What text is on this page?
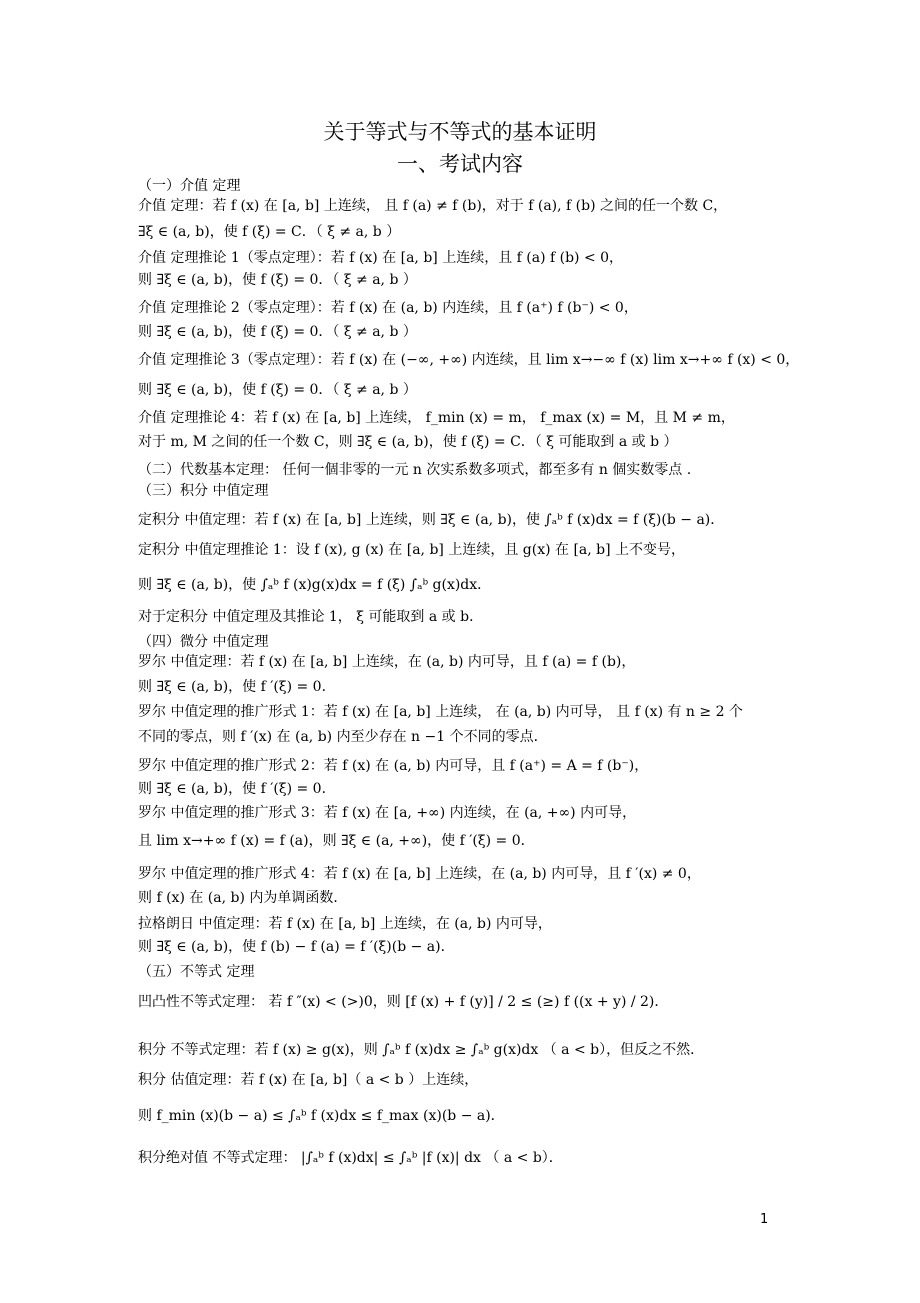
关于等式与不等式的基本证明
一、考试内容
（一）介值 定理
介值 定理：若 f (x) 在 [a, b] 上连续， 且 f (a) ≠ f (b)，对于 f (a), f (b) 之间的任一个数 C，
∃ξ ∈ (a, b)，使 f (ξ) = C．（ ξ ≠ a, b ）
介值 定理推论 1（零点定理）：若 f (x) 在 [a, b] 上连续，且 f (a) f (b) < 0，
则 ∃ξ ∈ (a, b)，使 f (ξ) = 0．（ ξ ≠ a, b ）
介值 定理推论 2（零点定理）：若 f (x) 在 (a, b) 内连续，且 f (a⁺) f (b⁻) < 0，
则 ∃ξ ∈ (a, b)，使 f (ξ) = 0．（ ξ ≠ a, b ）
介值 定理推论 3（零点定理）：若 f (x) 在 (−∞, +∞) 内连续，且 lim x→−∞ f (x) lim x→+∞ f (x) < 0，
则 ∃ξ ∈ (a, b)，使 f (ξ) = 0．（ ξ ≠ a, b ）
介值 定理推论 4：若 f (x) 在 [a, b] 上连续， f_min (x) = m， f_max (x) = M，且 M ≠ m，
对于 m, M 之间的任一个数 C，则 ∃ξ ∈ (a, b)，使 f (ξ) = C．（ ξ 可能取到 a 或 b ）
（二）代数基本定理： 任何一個非零的一元 n 次实系数多项式，都至多有 n 個实数零点 .
（三）积分 中值定理
定积分 中值定理：若 f (x) 在 [a, b] 上连续，则 ∃ξ ∈ (a, b)，使 ∫ₐᵇ f (x)dx = f (ξ)(b − a)．
定积分 中值定理推论 1：设 f (x), g (x) 在 [a, b] 上连续，且 g(x) 在 [a, b] 上不变号，
则 ∃ξ ∈ (a, b)，使 ∫ₐᵇ f (x)g(x)dx = f (ξ) ∫ₐᵇ g(x)dx．
对于定积分 中值定理及其推论 1， ξ 可能取到 a 或 b．
（四）微分 中值定理
罗尔 中值定理：若 f (x) 在 [a, b] 上连续，在 (a, b) 内可导，且 f (a) = f (b)，
则 ∃ξ ∈ (a, b)，使 f ′(ξ) = 0．
罗尔 中值定理的推广形式 1：若 f (x) 在 [a, b] 上连续， 在 (a, b) 内可导， 且 f (x) 有 n ≥ 2 个
不同的零点，则 f ′(x) 在 (a, b) 内至少存在 n −1 个不同的零点．
罗尔 中值定理的推广形式 2：若 f (x) 在 (a, b) 内可导，且 f (a⁺) = A = f (b⁻)，
则 ∃ξ ∈ (a, b)，使 f ′(ξ) = 0．
罗尔 中值定理的推广形式 3：若 f (x) 在 [a, +∞) 内连续，在 (a, +∞) 内可导，
且 lim x→+∞ f (x) = f (a)，则 ∃ξ ∈ (a, +∞)，使 f ′(ξ) = 0．
罗尔 中值定理的推广形式 4：若 f (x) 在 [a, b] 上连续，在 (a, b) 内可导，且 f ′(x) ≠ 0，
则 f (x) 在 (a, b) 内为单调函数．
拉格朗日 中值定理：若 f (x) 在 [a, b] 上连续，在 (a, b) 内可导，
则 ∃ξ ∈ (a, b)，使 f (b) − f (a) = f ′(ξ)(b − a)．
（五）不等式 定理
凹凸性不等式定理： 若 f ″(x) < (>)0，则 [f (x) + f (y)] / 2 ≤ (≥) f ((x + y) / 2)．
积分 不等式定理：若 f (x) ≥ g(x)，则 ∫ₐᵇ f (x)dx ≥ ∫ₐᵇ g(x)dx （ a < b），但反之不然．
积分 估值定理：若 f (x) 在 [a, b]（ a < b ）上连续，
则 f_min (x)(b − a) ≤ ∫ₐᵇ f (x)dx ≤ f_max (x)(b − a)．
积分绝对值 不等式定理： |∫ₐᵇ f (x)dx| ≤ ∫ₐᵇ |f (x)| dx （ a < b）．
1
